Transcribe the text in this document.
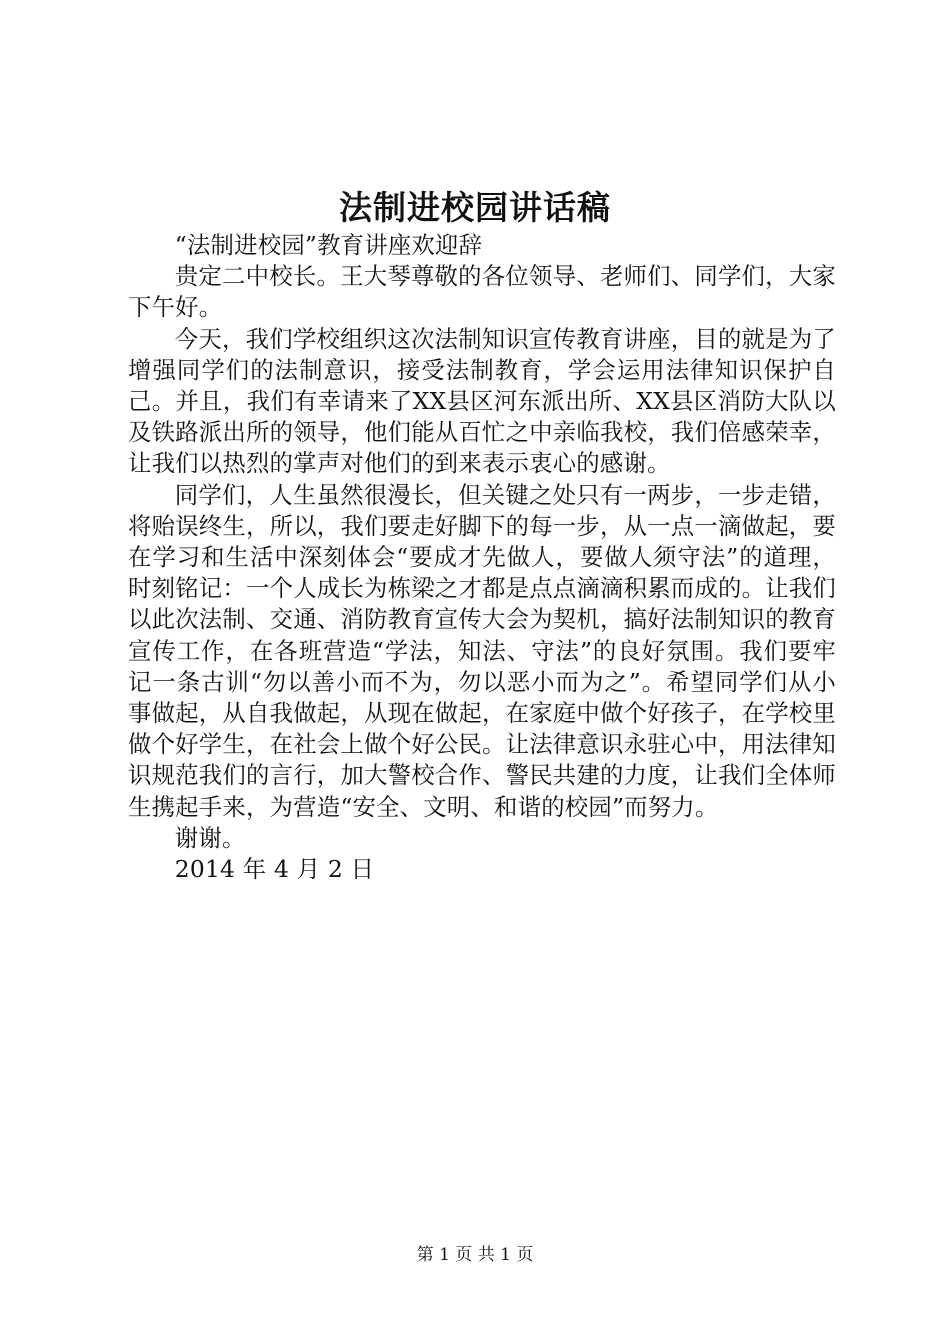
法制进校园讲话稿

“法制进校园”教育讲座欢迎辞

贵定二中校长。王大琴尊敬的各位领导、老师们、同学们，大家下午好。

今天，我们学校组织这次法制知识宣传教育讲座，目的就是为了增强同学们的法制意识，接受法制教育，学会运用法律知识保护自己。并且，我们有幸请来了XX县区河东派出所、XX县区消防大队以及铁路派出所的领导，他们能从百忙之中亲临我校，我们倍感荣幸，让我们以热烈的掌声对他们的到来表示衷心的感谢。

同学们，人生虽然很漫长，但关键之处只有一两步，一步走错，将贻误终生，所以，我们要走好脚下的每一步，从一点一滴做起，要在学习和生活中深刻体会“要成才先做人，要做人须守法”的道理，时刻铭记：一个人成长为栋梁之才都是点点滴滴积累而成的。让我们以此次法制、交通、消防教育宣传大会为契机，搞好法制知识的教育宣传工作，在各班营造“学法，知法、守法”的良好氛围。我们要牢记一条古训“勿以善小而不为，勿以恶小而为之”。希望同学们从小事做起，从自我做起，从现在做起，在家庭中做个好孩子，在学校里做个好学生，在社会上做个好公民。让法律意识永驻心中，用法律知识规范我们的言行，加大警校合作、警民共建的力度，让我们全体师生携起手来，为营造“安全、文明、和谐的校园”而努力。

谢谢。

2014 年 4 月 2 日

第 1 页 共 1 页
